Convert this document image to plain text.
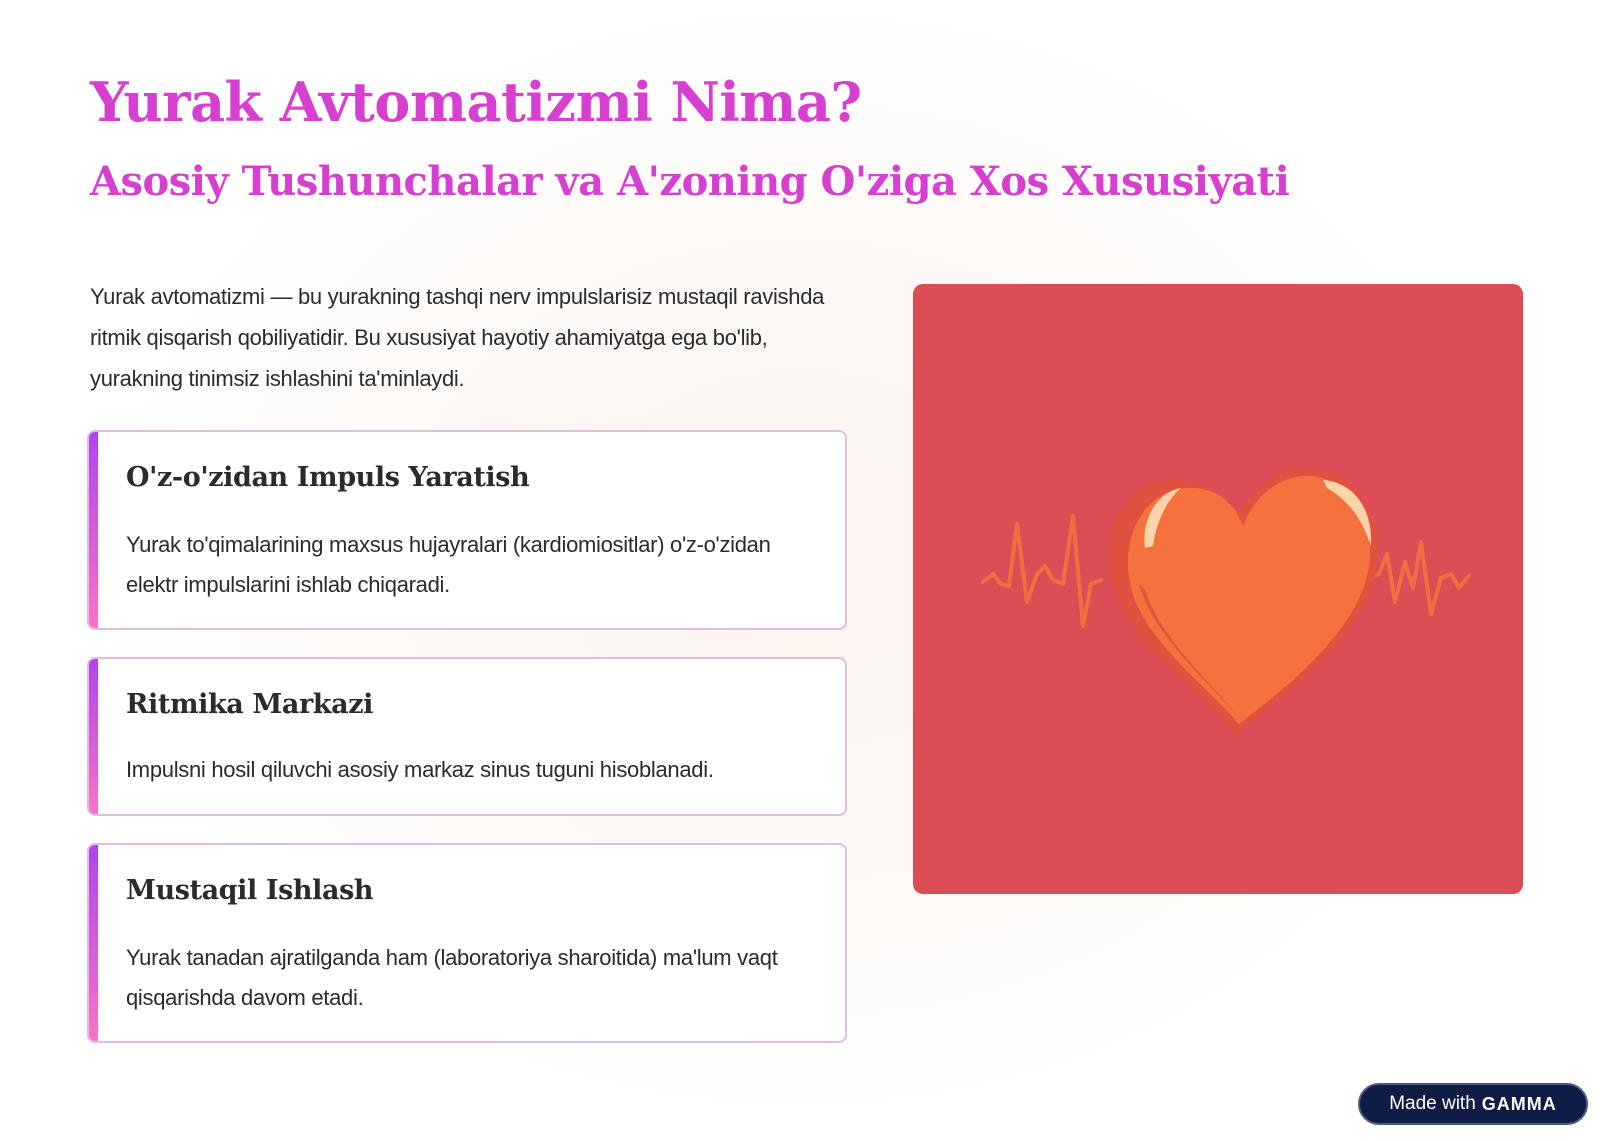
Yurak Avtomatizmi Nima?
Asosiy Tushunchalar va A'zoning O'ziga Xos Xususiyati

Yurak avtomatizmi — bu yurakning tashqi nerv impulslarisiz mustaqil ravishda ritmik qisqarish qobiliyatidir. Bu xususiyat hayotiy ahamiyatga ega bo'lib, yurakning tinimsiz ishlashini ta'minlaydi.

O'z-o'zidan Impuls Yaratish

Yurak to'qimalarining maxsus hujayralari (kardiomiositlar) o'z-o'zidan elektr impulslarini ishlab chiqaradi.

Ritmika Markazi

Impulsni hosil qiluvchi asosiy markaz sinus tuguni hisoblanadi.

Mustaqil Ishlash

Yurak tanadan ajratilganda ham (laboratoriya sharoitida) ma'lum vaqt qisqarishda davom etadi.

Made with GAMMA
